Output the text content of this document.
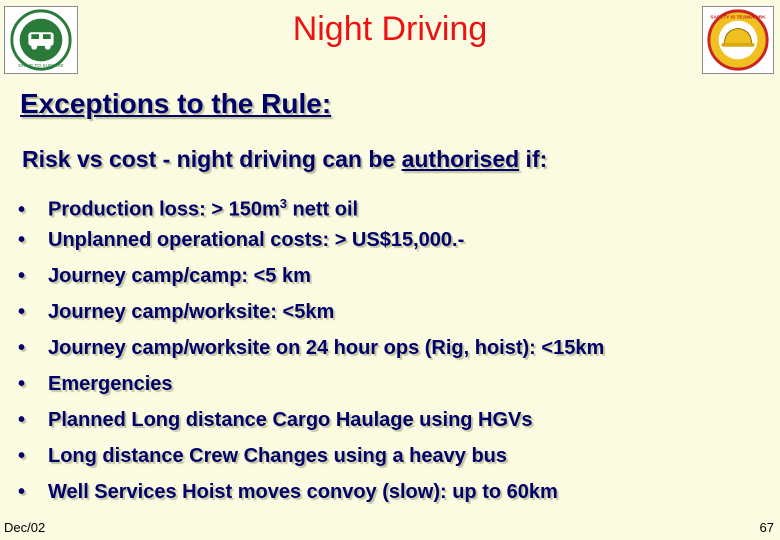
DRIVE TO SURVIVE
Night Driving	SAFETY IS TEAMWORK
Exceptions to the Rule:
Risk vs cost - night driving can be authorised if:
• Production loss: > $150m^3$ nett oil
• Unplanned operational costs: > US$15,000.-
• Journey camp/camp: <5 km
• Journey camp/worksite: <5km
• Journey camp/worksite on 24 hour ops (Rig, hoist): <15km
• Emergencies
• Planned Long distance Cargo Haulage using HGVs
• Long distance Crew Changes using a heavy bus
• Well Services Hoist moves convoy (slow): up to 60km
Dec/02	67
